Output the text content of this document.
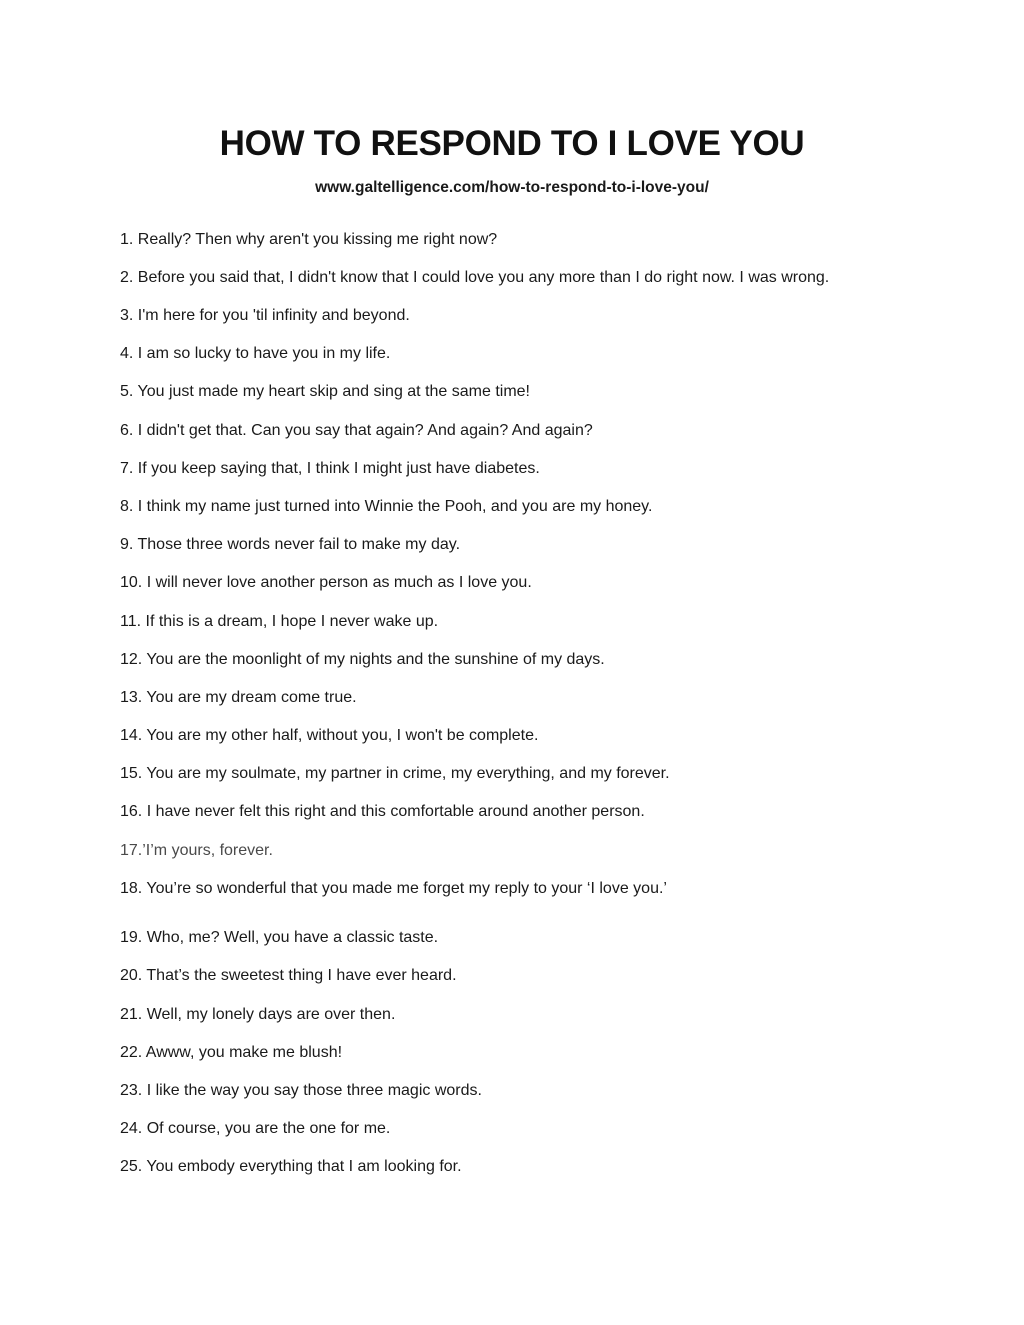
HOW TO RESPOND TO I LOVE YOU
www.galtelligence.com/how-to-respond-to-i-love-you/
1. Really? Then why aren't you kissing me right now?
2. Before you said that, I didn't know that I could love you any more than I do right now. I was wrong.
3. I'm here for you 'til infinity and beyond.
4. I am so lucky to have you in my life.
5. You just made my heart skip and sing at the same time!
6. I didn't get that. Can you say that again? And again? And again?
7. If you keep saying that, I think I might just have diabetes.
8. I think my name just turned into Winnie the Pooh, and you are my honey.
9. Those three words never fail to make my day.
10. I will never love another person as much as I love you.
11. If this is a dream, I hope I never wake up.
12. You are the moonlight of my nights and the sunshine of my days.
13. You are my dream come true.
14. You are my other half, without you, I won't be complete.
15. You are my soulmate, my partner in crime, my everything, and my forever.
16. I have never felt this right and this comfortable around another person.
17.’I’m yours, forever.
18. You’re so wonderful that you made me forget my reply to your ‘I love you.’
19. Who, me? Well, you have a classic taste.
20. That’s the sweetest thing I have ever heard.
21. Well, my lonely days are over then.
22. Awww, you make me blush!
23. I like the way you say those three magic words.
24. Of course, you are the one for me.
25. You embody everything that I am looking for.
